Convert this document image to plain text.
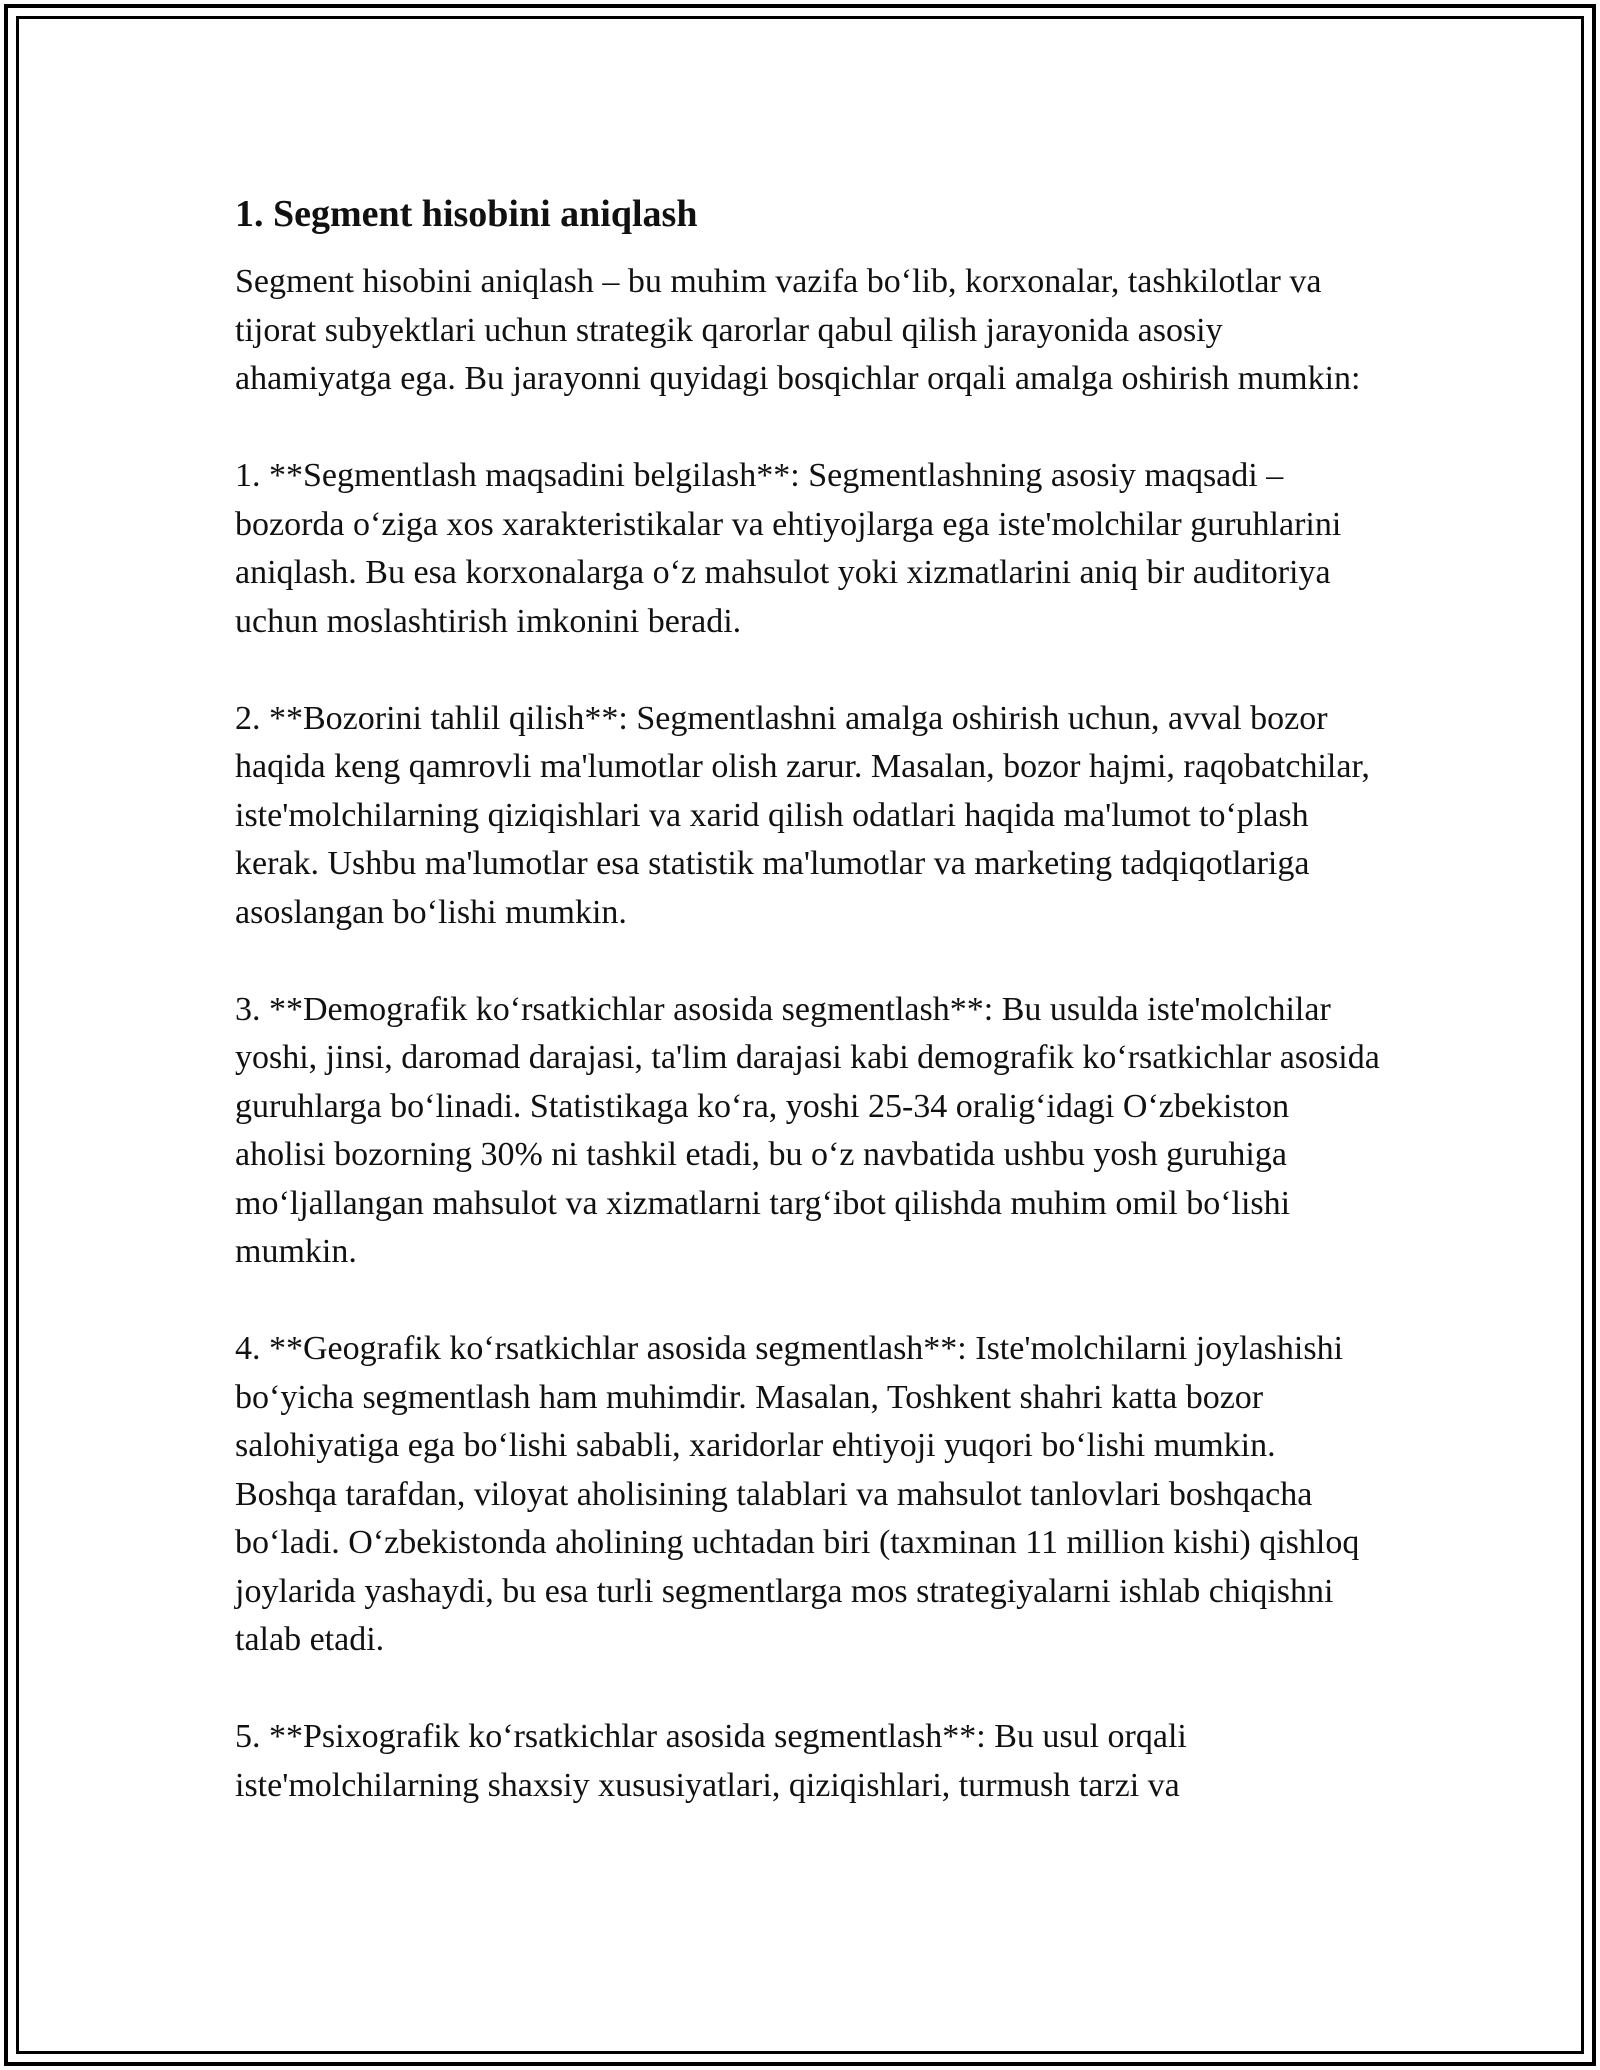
1. Segment hisobini aniqlash

Segment hisobini aniqlash – bu muhim vazifa bo‘lib, korxonalar, tashkilotlar va tijorat subyektlari uchun strategik qarorlar qabul qilish jarayonida asosiy ahamiyatga ega. Bu jarayonni quyidagi bosqichlar orqali amalga oshirish mumkin:

1. **Segmentlash maqsadini belgilash**: Segmentlashning asosiy maqsadi – bozorda o‘ziga xos xarakteristikalar va ehtiyojlarga ega iste'molchilar guruhlarini aniqlash. Bu esa korxonalarga o‘z mahsulot yoki xizmatlarini aniq bir auditoriya uchun moslashtirish imkonini beradi.

2. **Bozorini tahlil qilish**: Segmentlashni amalga oshirish uchun, avval bozor haqida keng qamrovli ma'lumotlar olish zarur. Masalan, bozor hajmi, raqobatchilar, iste'molchilarning qiziqishlari va xarid qilish odatlari haqida ma'lumot to‘plash kerak. Ushbu ma'lumotlar esa statistik ma'lumotlar va marketing tadqiqotlariga asoslangan bo‘lishi mumkin.

3. **Demografik ko‘rsatkichlar asosida segmentlash**: Bu usulda iste'molchilar yoshi, jinsi, daromad darajasi, ta'lim darajasi kabi demografik ko‘rsatkichlar asosida guruhlarga bo‘linadi. Statistikaga ko‘ra, yoshi 25-34 oralig‘idagi O‘zbekiston aholisi bozorning 30% ni tashkil etadi, bu o‘z navbatida ushbu yosh guruhiga mo‘ljallangan mahsulot va xizmatlarni targ‘ibot qilishda muhim omil bo‘lishi mumkin.

4. **Geografik ko‘rsatkichlar asosida segmentlash**: Iste'molchilarni joylashishi bo‘yicha segmentlash ham muhimdir. Masalan, Toshkent shahri katta bozor salohiyatiga ega bo‘lishi sababli, xaridorlar ehtiyoji yuqori bo‘lishi mumkin. Boshqa tarafdan, viloyat aholisining talablari va mahsulot tanlovlari boshqacha bo‘ladi. O‘zbekistonda aholining uchtadan biri (taxminan 11 million kishi) qishloq joylarida yashaydi, bu esa turli segmentlarga mos strategiyalarni ishlab chiqishni talab etadi.

5. **Psixografik ko‘rsatkichlar asosida segmentlash**: Bu usul orqali iste'molchilarning shaxsiy xususiyatlari, qiziqishlari, turmush tarzi va
